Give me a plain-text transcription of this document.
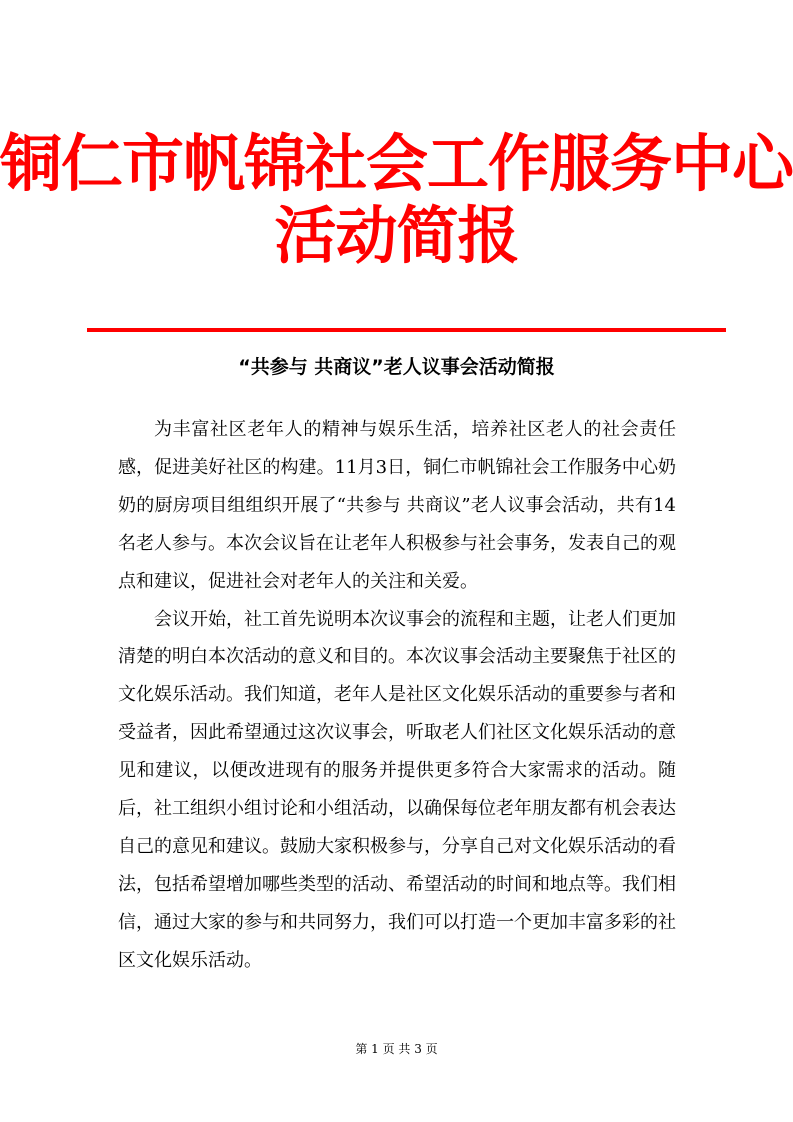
铜仁市帆锦社会工作服务中心
活动简报
“共参与 共商议”老人议事会活动简报

为丰富社区老年人的精神与娱乐生活，培养社区老人的社会责任感，促进美好社区的构建。11月3日，铜仁市帆锦社会工作服务中心奶奶的厨房项目组组织开展了“共参与 共商议”老人议事会活动，共有14名老人参与。本次会议旨在让老年人积极参与社会事务，发表自己的观点和建议，促进社会对老年人的关注和关爱。

会议开始，社工首先说明本次议事会的流程和主题，让老人们更加清楚的明白本次活动的意义和目的。本次议事会活动主要聚焦于社区的文化娱乐活动。我们知道，老年人是社区文化娱乐活动的重要参与者和受益者，因此希望通过这次议事会，听取老人们社区文化娱乐活动的意见和建议，以便改进现有的服务并提供更多符合大家需求的活动。随后，社工组织小组讨论和小组活动，以确保每位老年朋友都有机会表达自己的意见和建议。鼓励大家积极参与，分享自己对文化娱乐活动的看法，包括希望增加哪些类型的活动、希望活动的时间和地点等。我们相信，通过大家的参与和共同努力，我们可以打造一个更加丰富多彩的社区文化娱乐活动。

第 1 页 共 3 页
